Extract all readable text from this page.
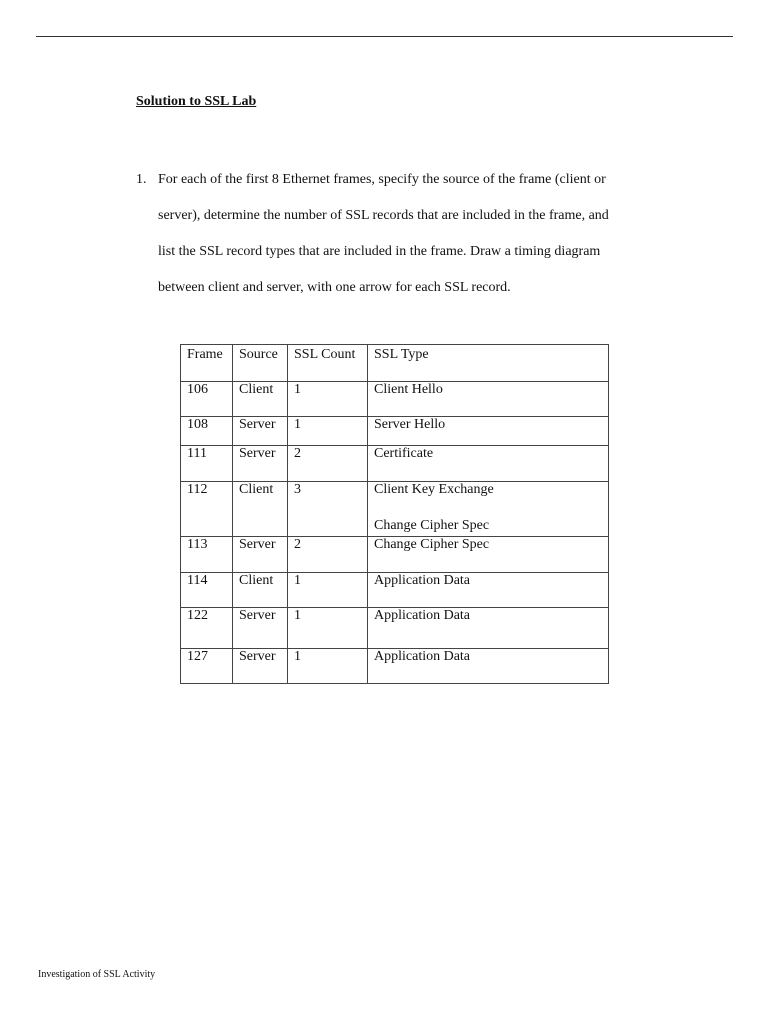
Solution to SSL Lab
1. For each of the first 8 Ethernet frames, specify the source of the frame (client or
server), determine the number of SSL records that are included in the frame, and
list the SSL record types that are included in the frame. Draw a timing diagram
between client and server, with one arrow for each SSL record.
Frame	Source	SSL Count	SSL Type
106	Client	1	Client Hello

108	Server	1	Server Hello

111	Server	2	Certificate

112	Client	3	Client Key Exchange
Change Cipher Spec

113	Server	2	Change Cipher Spec

114	Client	1	Application Data

122	Server	1	Application Data

127	Server	1	Application Data
Investigation of SSL Activity
